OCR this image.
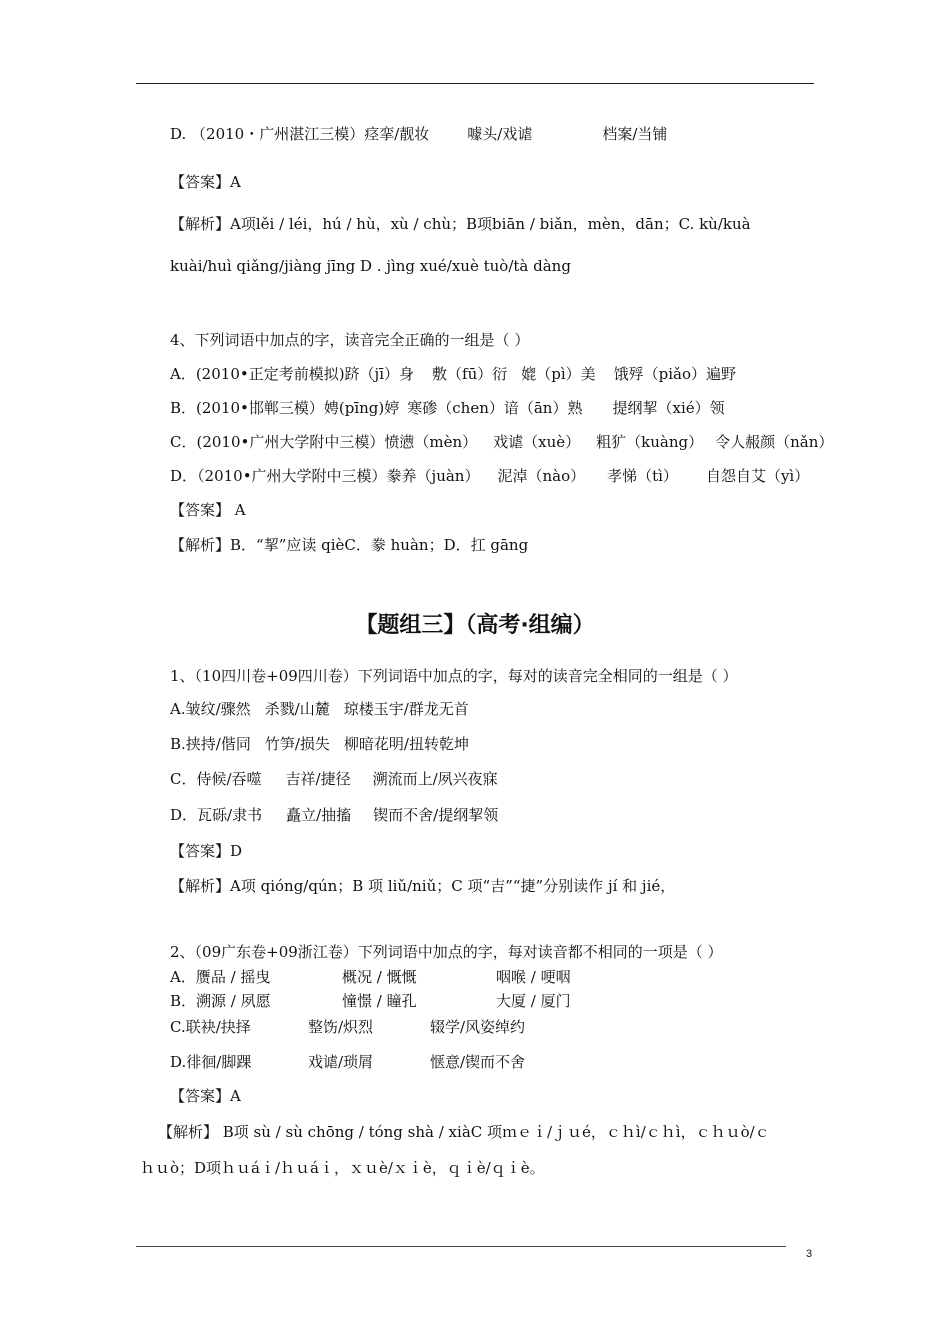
D. （2010・广州湛江三模）痉挛/靓妆	噱头/戏谑	档案/当铺
【答案】A
【解析】A项lěi / léi，hú / hù，xù / chù；B项biān / biǎn，mèn，dān；C. kù/kuà
kuài/huì qiǎng/jiàng jīng D . jìng xué/xuè tuò/tà dàng
4、下列词语中加点的字，读音完全正确的一组是（ ）
A．(2010•正定考前模拟)跻（jī）身 敷（fū）衍 媲（pì）美 饿殍（piǎo）遍野
B．(2010•邯郸三模）娉(pīng)婷 寒碜（chen）谙（ān）熟 提纲挈（xié）领
C．(2010•广州大学附中三模）愤懑（mèn） 戏谑（xuè） 粗犷（kuàng） 令人赧颜（nǎn）
D．（2010•广州大学附中三模）豢养（juàn） 泥淖（nào） 孝悌（tì） 自怨自艾（yì）
【答案】 A
【解析】B．“挈”应读 qièC．豢 huàn；D．扛 gāng
【题组三】（高考·组编）
1、（10四川卷+09四川卷）下列词语中加点的字，每对的读音完全相同的一组是（ ）
A.皱纹/骤然 杀戮/山麓 琼楼玉宇/群龙无首
B.挟持/偕同 竹笋/损失 柳暗花明/扭转乾坤
C．侍候/吞噬 吉祥/捷径 溯流而上/夙兴夜寐
D．瓦砾/隶书 矗立/抽搐 锲而不舍/提纲挈领
【答案】D
【解析】A项 qióng/qún；B 项 liǔ/niǔ；C 项“吉”“捷”分别读作 jí 和 jié，
2、（09广东卷+09浙江卷）下列词语中加点的字，每对读音都不相同的一项是（ ）
A．赝品 / 摇曳	概况 / 慨慨	咽喉 / 哽咽
B．溯源 / 夙愿	憧憬 / 瞳孔	大厦 / 厦门
C.联袂/抉择	整饬/炽烈	辍学/风姿绰约
D.徘徊/脚踝	戏谑/琐屑	惬意/锲而不舍
【答案】A
【解析】 B项 sù / sù chōng / tóng shà / xiàC 项ｍｅｉ/ｊｕé，ｃｈì/ｃｈì，ｃｈｕò/ｃ
ｈｕò；D项ｈｕáｉ/ｈｕáｉ，ｘｕè/ｘｉè，ｑｉè/ｑｉè。
3
